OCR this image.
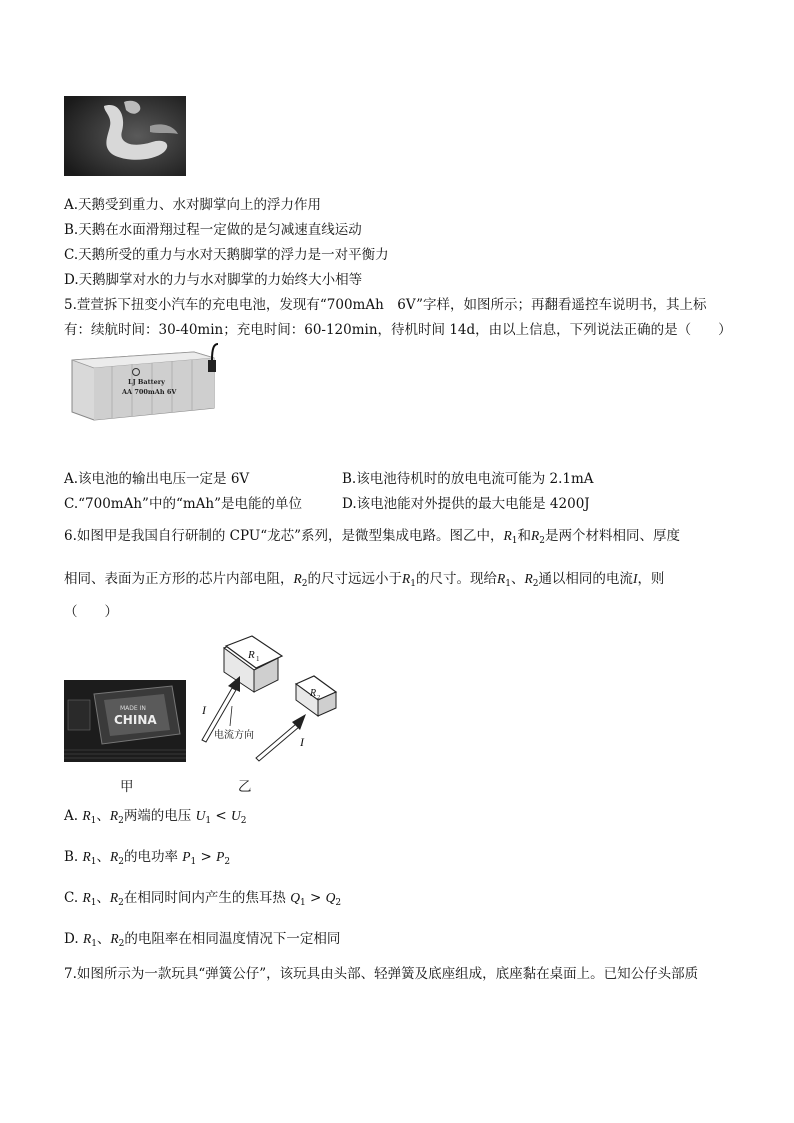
A.天鹅受到重力、水对脚掌向上的浮力作用
B.天鹅在水面滑翔过程一定做的是匀减速直线运动
C.天鹅所受的重力与水对天鹅脚掌的浮力是一对平衡力
D.天鹅脚掌对水的力与水对脚掌的力始终大小相等
5.萱萱拆下扭变小汽车的充电电池，发现有“700mAh　6V”字样，如图所示；再翻看遥控车说明书，其上标
有：续航时间：30-40min；充电时间：60-120min，待机时间 14d，由以上信息，下列说法正确的是（　　）
LJ Battery
AA 700mAh 6V
A.该电池的输出电压一定是 6V	B.该电池待机时的放电电流可能为 2.1mA
C.“700mAh”中的“mAh”是电能的单位	D.该电池能对外提供的最大电能是 4200J
6.如图甲是我国自行研制的 CPU“龙芯”系列，是微型集成电路。图乙中，$R_1$和$R_2$是两个材料相同、厚度
相同、表面为正方形的芯片内部电阻，$R_2$的尺寸远远小于$R_1$的尺寸。现给$R_1$、$R_2$通以相同的电流I，则
（　　）
MADE IN
CHINA
R 1
R 2
I
I
电流方向
甲	乙
A. $R_1$、$R_2$两端的电压 $U_1 < U_2$
B. $R_1$、$R_2$的电功率 $P_1 > P_2$
C. $R_1$、$R_2$在相同时间内产生的焦耳热 $Q_1 > Q_2$
D. $R_1$、$R_2$的电阻率在相同温度情况下一定相同
7.如图所示为一款玩具“弹簧公仔”，该玩具由头部、轻弹簧及底座组成，底座黏在桌面上。已知公仔头部质
